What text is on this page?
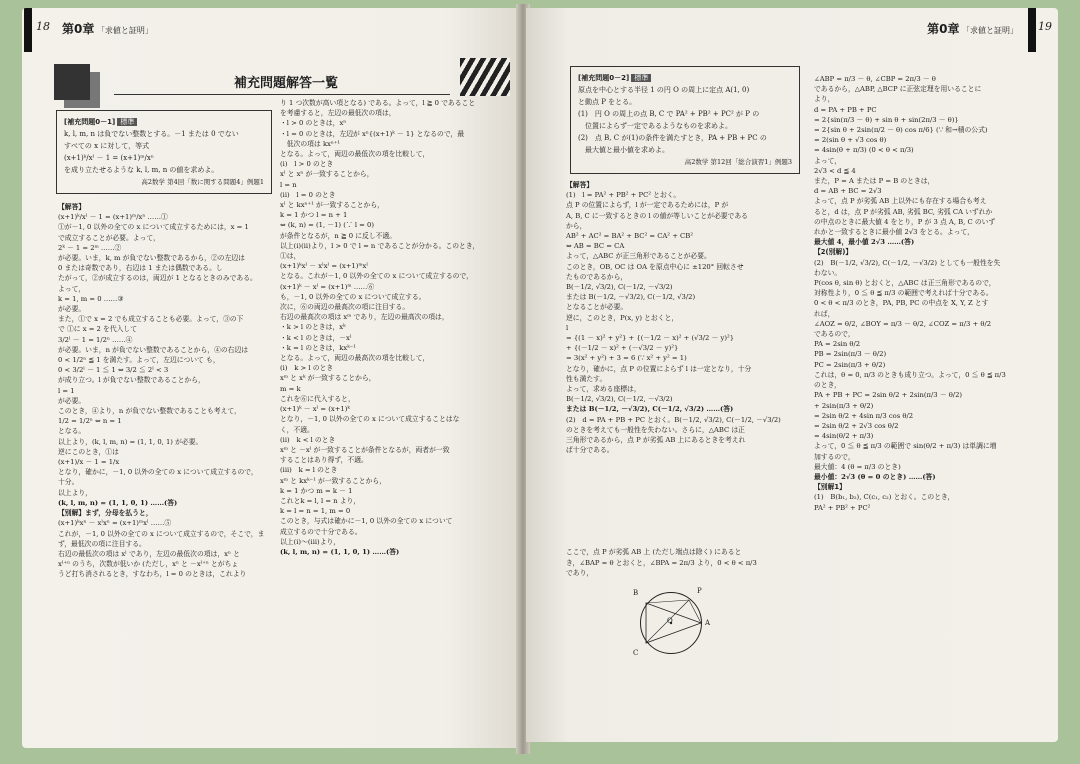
18 第0章 「求値と証明」
補充問題解答一覧
[補充問題0－1] 標準
k, l, m, n は負でない整数とする。－1 または 0 でない
すべての x に対して，等式
(x+1)ᵏ/xˡ － 1 = (x+1)ᵐ/xⁿ
を成り立たせるような k, l, m, n の値を求めよ。
高2数学 第4回「数に関する問題4」例題1
【解答】
(x+1)ᵏ/xˡ － 1 = (x+1)ᵐ/xⁿ ……①
①が－1, 0 以外の全ての x について成立するためには，x = 1
で成立することが必要。よって，
2ᵏ － 1 = 2ᵐ ……②
が必要。いま，k, m が負でない整数であるから，②の左辺は
0 または奇数であり，右辺は 1 または偶数である。し
たがって，②が成立するのは，両辺が 1 となるときのみである。
よって，
k = 1, m = 0 ……③
が必要。
また，①で x = 2 でも成立することも必要。よって，③の下
で ①に x = 2 を代入して
3/2ˡ － 1 = 1/2ⁿ ……④
が必要。いま，n が負でない整数であることから，④の右辺は
0 < 1/2ⁿ ≦ 1 を満たす。よって，左辺について も，
0 < 3/2ˡ － 1 ≦ 1 ⇔ 3/2 ≦ 2ˡ < 3
が成り立つ。l が負でない整数であることから，
l = 1
が必要。
このとき，④より，n が負でない整数であることも考えて，
1/2 = 1/2ⁿ ⇔ n = 1
となる。
以上より，(k, l, m, n) = (1, 1, 0, 1) が必要。
逆にこのとき，①は
(x+1)/x － 1 = 1/x
となり，確かに，－1, 0 以外の全ての x について成立するので，
十分。
以上より，
(k, l, m, n) = (1, 1, 0, 1) ……(答)
【別解】まず，分母を払うと，
(x+1)ᵏxⁿ － xˡxⁿ = (x+1)ᵐxˡ ……⑤
これが，－1, 0 以外の全ての x について成立するので，そこで，ま
ず，最低次の項に注目する。
右辺の最低次の項は xˡ であり，左辺の最低次の項は，xⁿ と
xˡ⁺ⁿ のうち，次数が低いか (ただし，xⁿ と －xˡ⁺ⁿ とがちょ
うど打ち消されるとき，すなわち，l = 0 のときは，これより
り 1 つ次数が高い項となる) である。よって，l ≧ 0 であること
を考慮すると，左辺の最低次の項は，
・l > 0 のときは，xⁿ
・l = 0 のときは，左辺が xⁿ{(x+1)ᵏ － 1} となるので，最
　低次の項は kxⁿ⁺¹
となる。よって，両辺の最低次の項を比較して，
(i)　l > 0 のとき
xˡ と xⁿ が一致することから，
l = n
(ii)　l = 0 のとき
xˡ と kxⁿ⁺¹ が一致することから，
k = 1 かつ l = n + 1
⇔ (k, n) = (1, －1) (∵ l = 0)
が条件となるが，n ≧ 0 に反し不適。
以上(i)(ii)より，l > 0 で l = n であることが分かる。このとき，
①は，
(x+1)ᵏxˡ － xˡxˡ = (x+1)ᵐxˡ
となる。これが－1, 0 以外の全ての x について成立するので，
(x+1)ᵏ － xˡ = (x+1)ᵐ ……⑥
も，－1, 0 以外の全ての x について成立する。
次に，⑥の両辺の最高次の項に注目する。
右辺の最高次の項は xᵐ であり，左辺の最高次の項は，
・k > l のときは，xᵏ
・k < l のときは，－xˡ
・k = l のときは，kxᵏ⁻¹
となる。よって，両辺の最高次の項を比較して，
(i)　k > l のとき
xᵐ と xᵏ が一致することから，
m = k
これを⑥に代入すると，
(x+1)ᵏ － xˡ = (x+1)ᵏ
となり，－1, 0 以外の全ての x について成立することはな
く，不適。
(ii)　k < l のとき
xᵐ と －xˡ が一致することが条件となるが，両者が一致
することはあり得ず，不適。
(iii)　k = l のとき
xᵐ と kxᵏ⁻¹ が一致することから，
k = 1 かつ m = k － 1
これとk = l, l = n より，
k = l = n = 1, m = 0
このとき，与式は確かに－1, 0 以外の全ての x について
成立するので十分である。
以上(i)〜(iii)より，
(k, l, m, n) = (1, 1, 0, 1) ……(答)
19
第0章 「求値と証明」
[補充問題0－2] 標準
原点を中心とする半径 1 の円 O の周上に定点 A(1, 0)
と動点 P をとる。
(1)　円 O の周上の点 B, C で PA² + PB² + PC² が P の
　位置によらず一定であるようなものを求めよ。
(2)　点 B, C が(1)の条件を満たすとき，PA + PB + PC の
　最大値と最小値を求めよ。
高2数学 第12回「総合演習1」例題3
【解答】
(1)　l = PA² + PB² + PC² とおく。
点 P の位置によらず，l が一定であるためには，P が
A, B, C に一致するときの l の値が等しいことが必要である
から，
AB² + AC² = BA² + BC² = CA² + CB²
⇔ AB = BC = CA
よって，△ABC が正三角形であることが必要。
このとき，OB, OC は OA を原点中心に ±120° 回転させ
たものであるから，
B(－1/2, √3/2), C(－1/2, －√3/2)
または B(－1/2, －√3/2), C(－1/2, √3/2)
となることが必要。
逆に，このとき，P(x, y) とおくと，
l
= {(1 － x)² + y²} + {(－1/2 － x)² + (√3/2 － y)²}
+ {(－1/2 － x)² + (－√3/2 － y)²}
= 3(x² + y²) + 3 = 6 (∵ x² + y² = 1)
となり，確かに，点 P の位置によらず l は一定となり，十分
性も満たす。
よって，求める座標は，
B(－1/2, √3/2), C(－1/2, －√3/2)
または B(－1/2, －√3/2), C(－1/2, √3/2) ……(答)
(2)　d = PA + PB + PC とおく。B(－1/2, √3/2), C(－1/2, －√3/2)
のときを考えても一般性を失わない。さらに，△ABC は正
三角形であるから，点 P が劣弧 AB 上にあるときを考えれ
ば十分である。

ここで，点 P が劣弧 AB 上 (ただし端点は除く) にあると
き，∠BAP = θ とおくと，∠BPA = 2π/3 より，0 < θ < π/3
であり，
∠ABP = π/3 － θ, ∠CBP = 2π/3 － θ
であるから，△ABP, △BCP に正弦定理を用いることに
より，
d = PA + PB + PC
= 2{sin(π/3 － θ) + sin θ + sin(2π/3 － θ)}
= 2{sin θ + 2sin(π/2 － θ) cos π/6} (∵ 和→積の公式)
= 2(sin θ + √3 cos θ)
= 4sin(θ + π/3) (0 < θ < π/3)
よって，
2√3 < d ≦ 4
また，P = A または P = B のときは，
d = AB + BC = 2√3
よって，点 P が劣弧 AB 上以外にも存在する場合も考え
ると，d は，点 P が劣弧 AB, 劣弧 BC, 劣弧 CA いずれか
の中点のときに最大値 4 をとり，P が 3 点 A, B, C のいず
れかと一致するときに最小値 2√3 をとる。よって，
最大値 4，最小値 2√3 ……(答)
【2(別解)】
(2)　B(－1/2, √3/2), C(－1/2, －√3/2) としても一般性を失
わない。
P(cos θ, sin θ) とおくと，△ABC は正三角形であるので，
対称性より，0 ≦ θ ≦ π/3 の範囲で考えれば十分である。
0 < θ < π/3 のとき，PA, PB, PC の中点を X, Y, Z とす
れば，
∠AOZ = θ/2, ∠BOY = π/3 － θ/2, ∠COZ = π/3 + θ/2
であるので，
PA = 2sin θ/2
PB = 2sin(π/3 － θ/2)
PC = 2sin(π/3 + θ/2)
これは，θ = 0, π/3 のときも成り立つ。よって，0 ≦ θ ≦ π/3
のとき，
PA + PB + PC = 2sin θ/2 + 2sin(π/3 － θ/2)
+ 2sin(π/3 + θ/2)
= 2sin θ/2 + 4sin π/3 cos θ/2
= 2sin θ/2 + 2√3 cos θ/2
= 4sin(θ/2 + π/3)
よって，0 ≦ θ ≦ π/3 の範囲で sin(θ/2 + π/3) は単調に増
加するので，
最大値：4 (θ = π/3 のとき)
最小値：2√3 (θ = 0 のとき) ……(答)
【別解1】
(1)　B(b₁, b₂), C(c₁, c₂) とおく。このとき，
PA² + PB² + PC²
B	P
O	A
C
